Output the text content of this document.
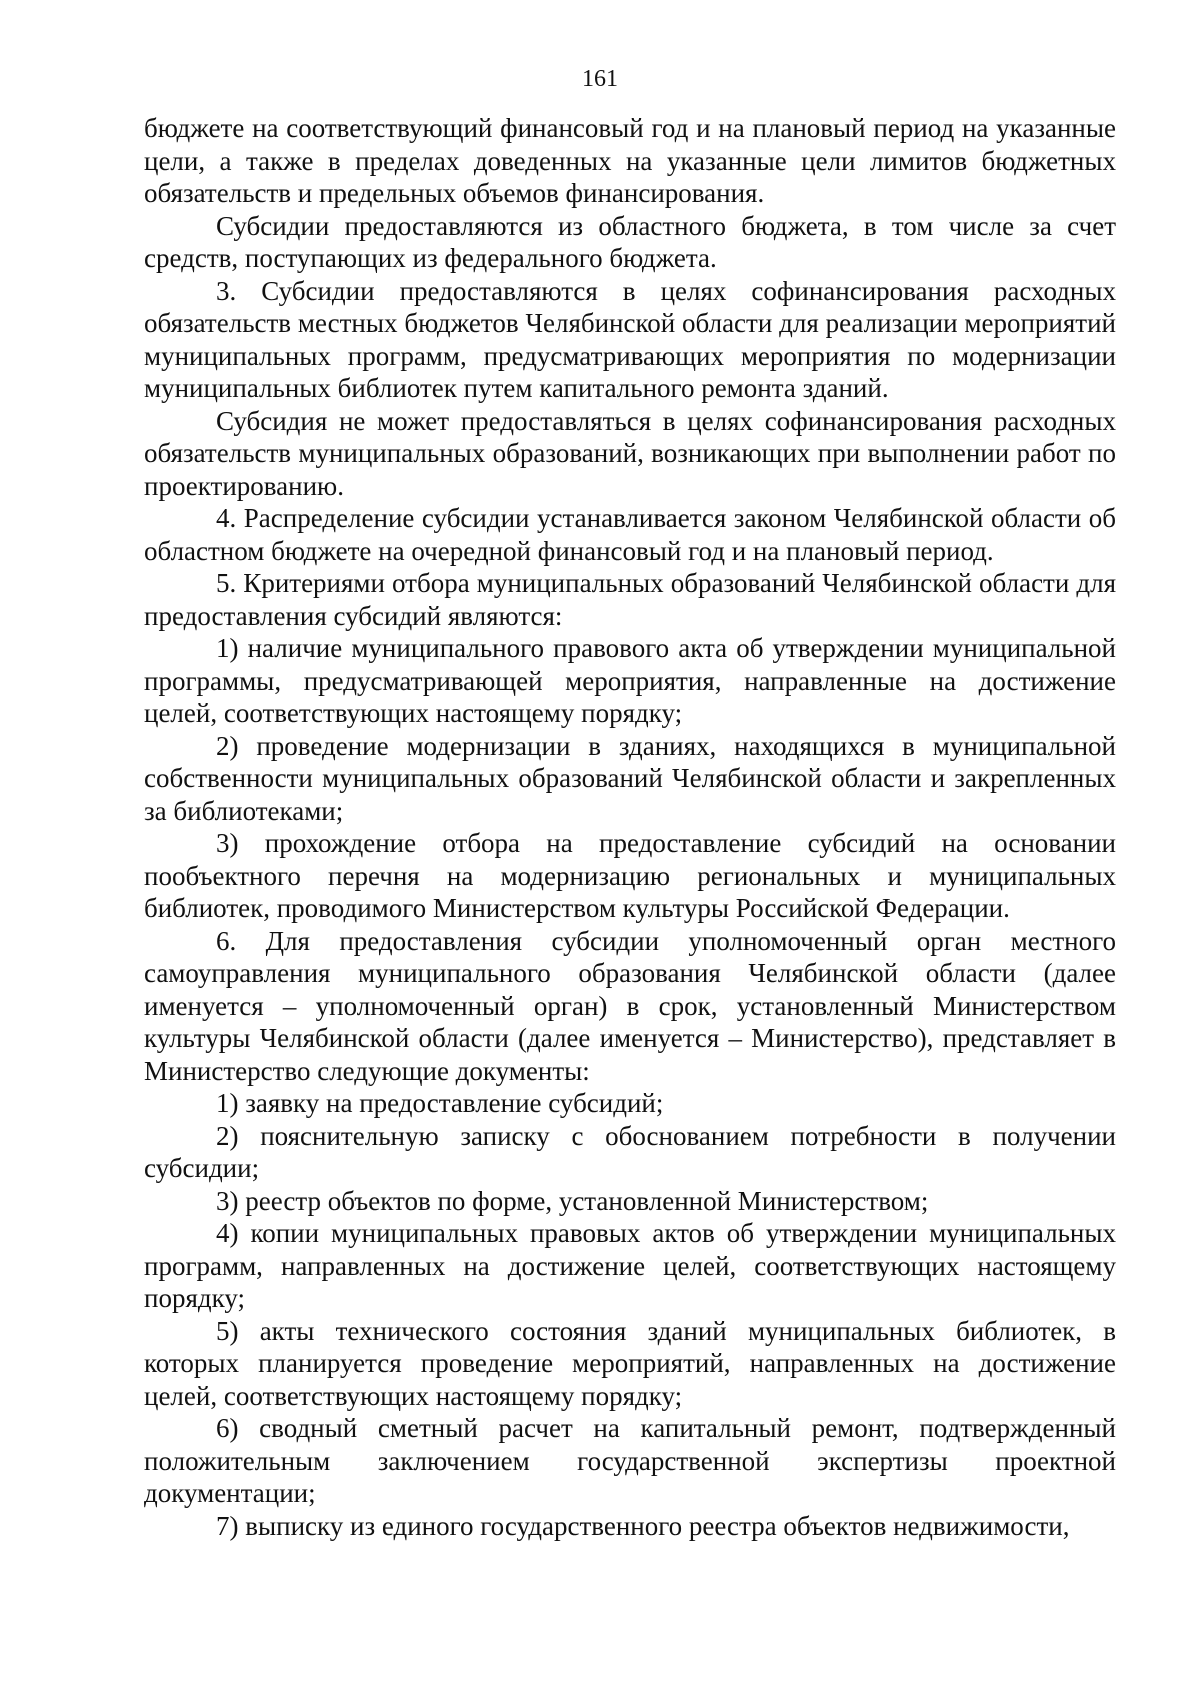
161

бюджете на соответствующий финансовый год и на плановый период на указанные цели, а также в пределах доведенных на указанные цели лимитов бюджетных обязательств и предельных объемов финансирования.

Субсидии предоставляются из областного бюджета, в том числе за счет средств, поступающих из федерального бюджета.

3. Субсидии предоставляются в целях софинансирования расходных обязательств местных бюджетов Челябинской области для реализации мероприятий муниципальных программ, предусматривающих мероприятия по модернизации муниципальных библиотек путем капитального ремонта зданий.

Субсидия не может предоставляться в целях софинансирования расходных обязательств муниципальных образований, возникающих при выполнении работ по проектированию.

4. Распределение субсидии устанавливается законом Челябинской области об областном бюджете на очередной финансовый год и на плановый период.

5. Критериями отбора муниципальных образований Челябинской области для предоставления субсидий являются:

1) наличие муниципального правового акта об утверждении муниципальной программы, предусматривающей мероприятия, направленные на достижение целей, соответствующих настоящему порядку;

2) проведение модернизации в зданиях, находящихся в муниципальной собственности муниципальных образований Челябинской области и закрепленных за библиотеками;

3) прохождение отбора на предоставление субсидий на основании пообъектного перечня на модернизацию региональных и муниципальных библиотек, проводимого Министерством культуры Российской Федерации.

6. Для предоставления субсидии уполномоченный орган местного самоуправления муниципального образования Челябинской области (далее именуется – уполномоченный орган) в срок, установленный Министерством культуры Челябинской области (далее именуется – Министерство), представляет в Министерство следующие документы:

1) заявку на предоставление субсидий;

2) пояснительную записку с обоснованием потребности в получении субсидии;

3) реестр объектов по форме, установленной Министерством;

4) копии муниципальных правовых актов об утверждении муниципальных программ, направленных на достижение целей, соответствующих настоящему порядку;

5) акты технического состояния зданий муниципальных библиотек, в которых планируется проведение мероприятий, направленных на достижение целей, соответствующих настоящему порядку;

6) сводный сметный расчет на капитальный ремонт, подтвержденный положительным заключением государственной экспертизы проектной документации;

7) выписку из единого государственного реестра объектов недвижимости,
